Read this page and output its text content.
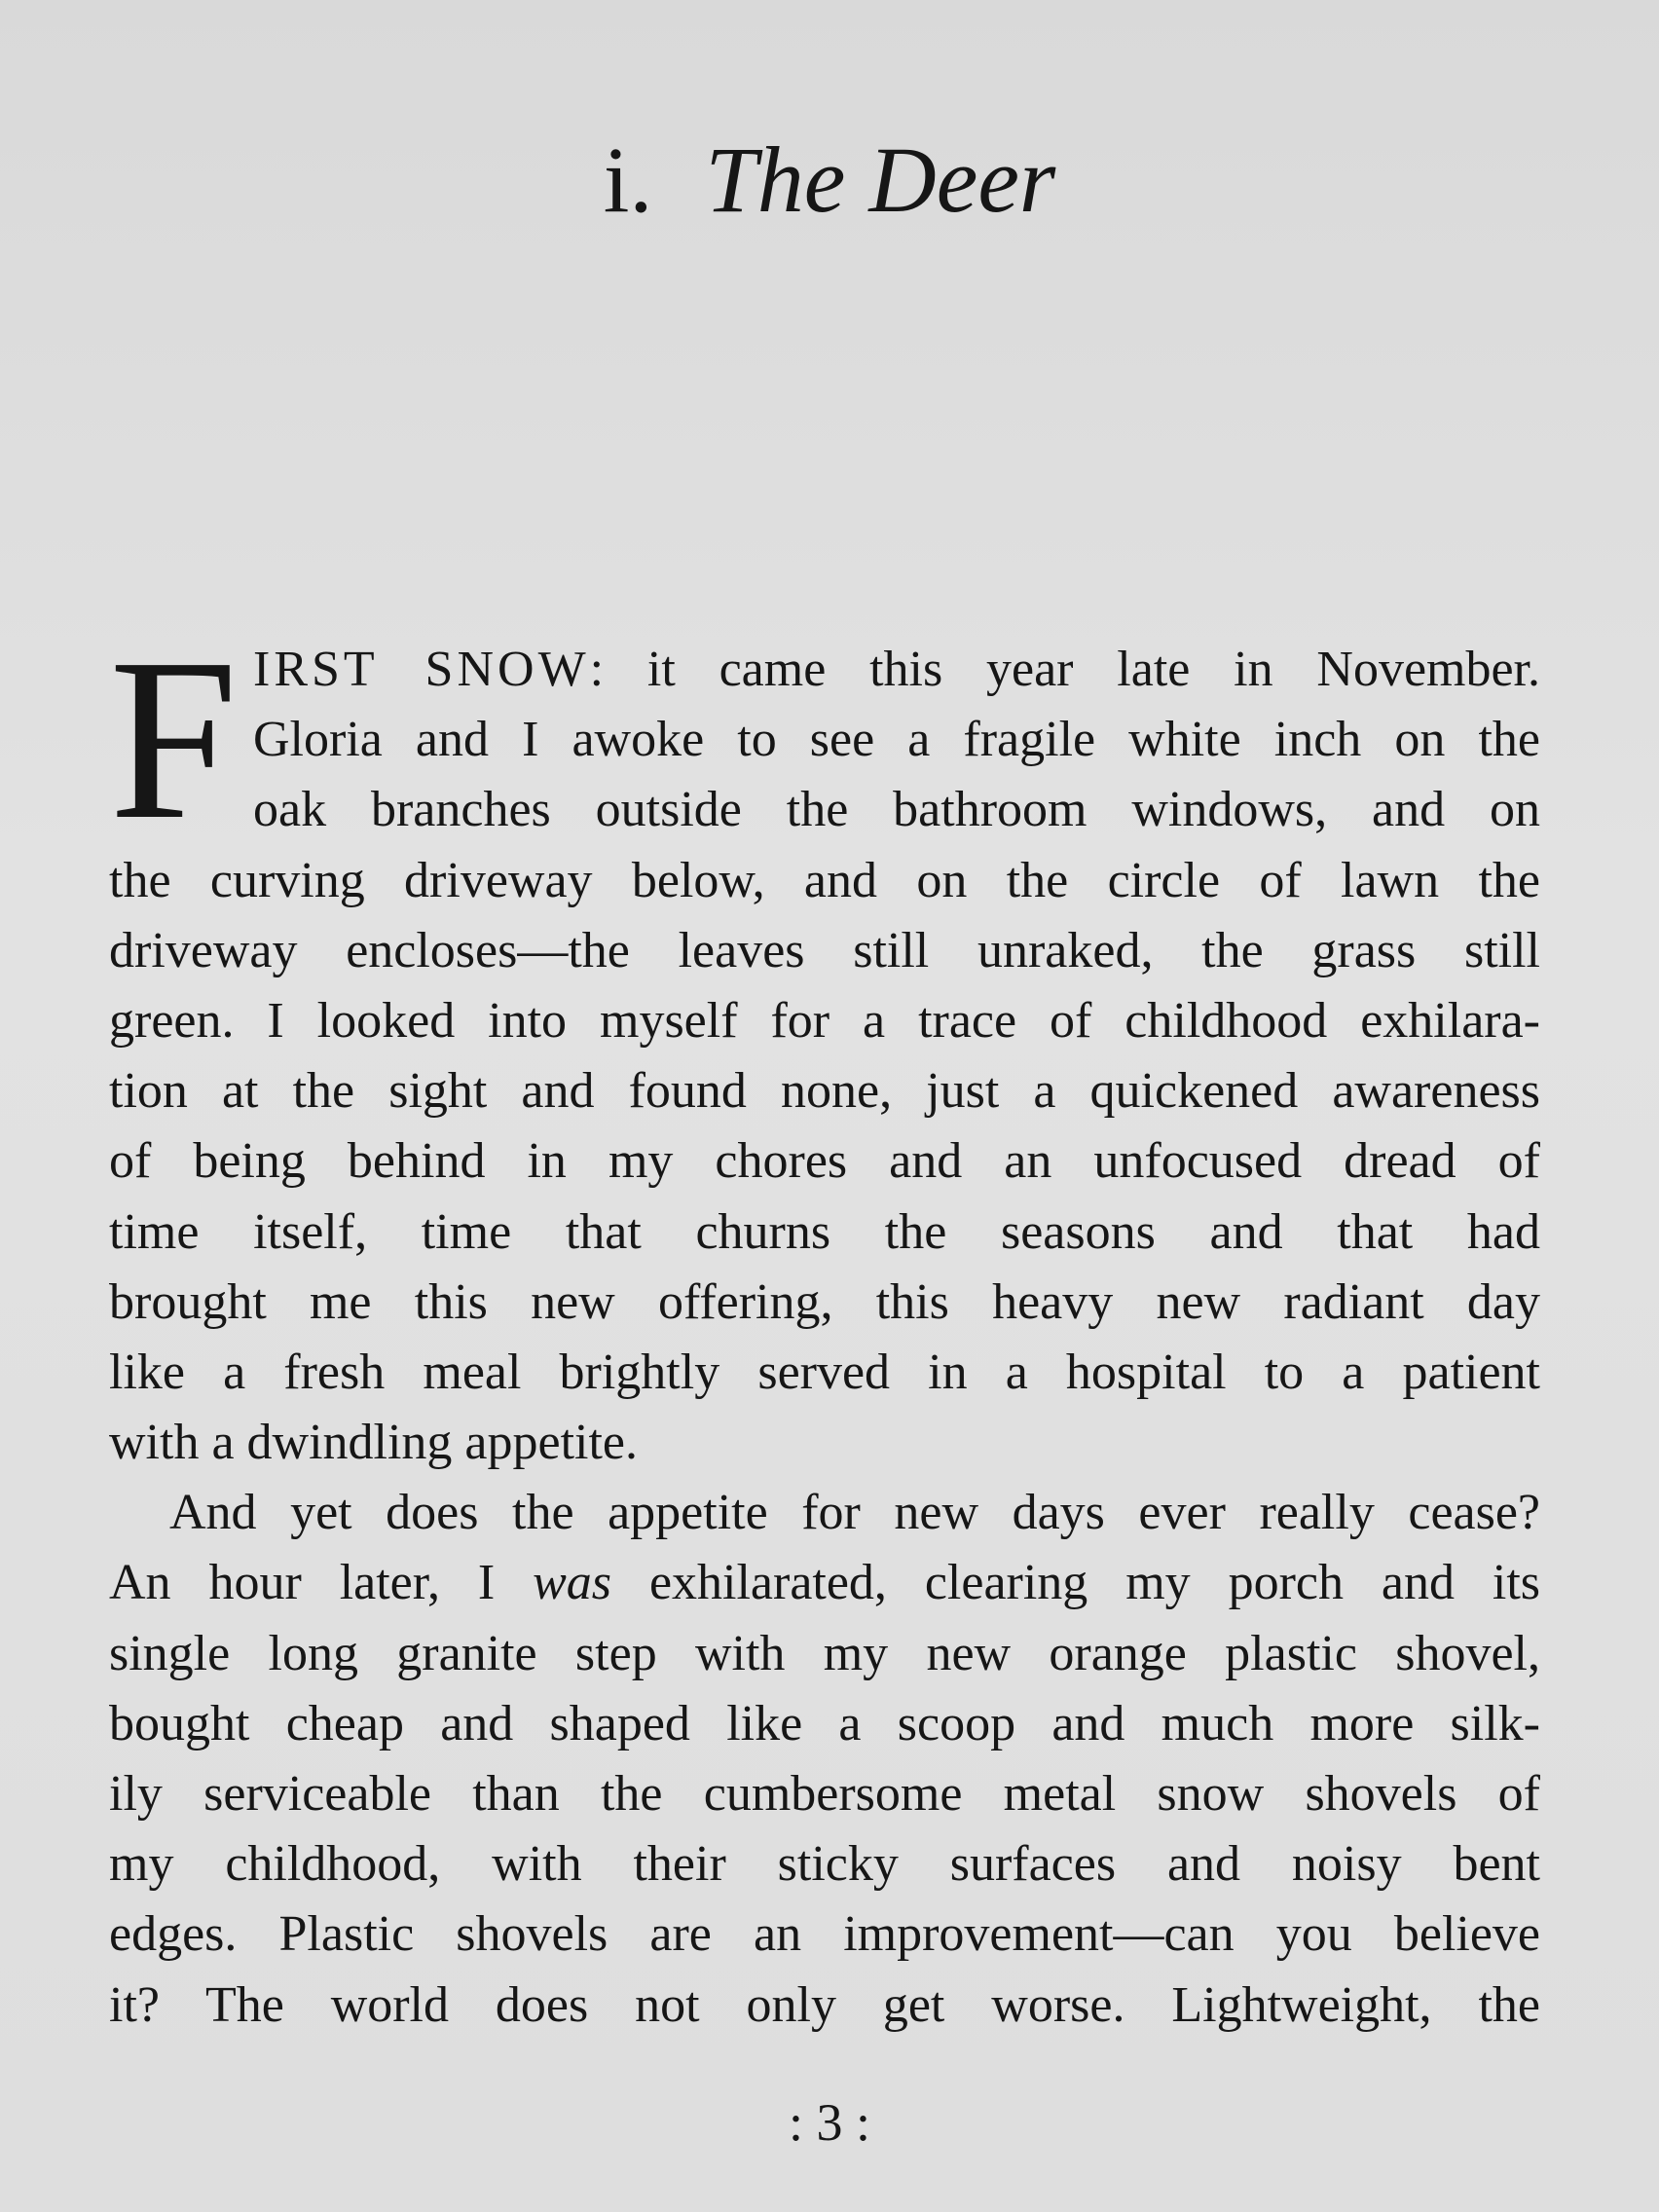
i. The Deer
F IRST SNOW: it came this year late in November.
Gloria and I awoke to see a fragile white inch on the
oak branches outside the bathroom windows, and on
the curving driveway below, and on the circle of lawn the
driveway encloses—the leaves still unraked, the grass still
green. I looked into myself for a trace of childhood exhilara-
tion at the sight and found none, just a quickened awareness
of being behind in my chores and an unfocused dread of
time itself, time that churns the seasons and that had
brought me this new offering, this heavy new radiant day
like a fresh meal brightly served in a hospital to a patient
with a dwindling appetite.
And yet does the appetite for new days ever really cease?
An hour later, I was exhilarated, clearing my porch and its
single long granite step with my new orange plastic shovel,
bought cheap and shaped like a scoop and much more silk-
ily serviceable than the cumbersome metal snow shovels of
my childhood, with their sticky surfaces and noisy bent
edges. Plastic shovels are an improvement—can you believe
it? The world does not only get worse. Lightweight, the
: 3 :
